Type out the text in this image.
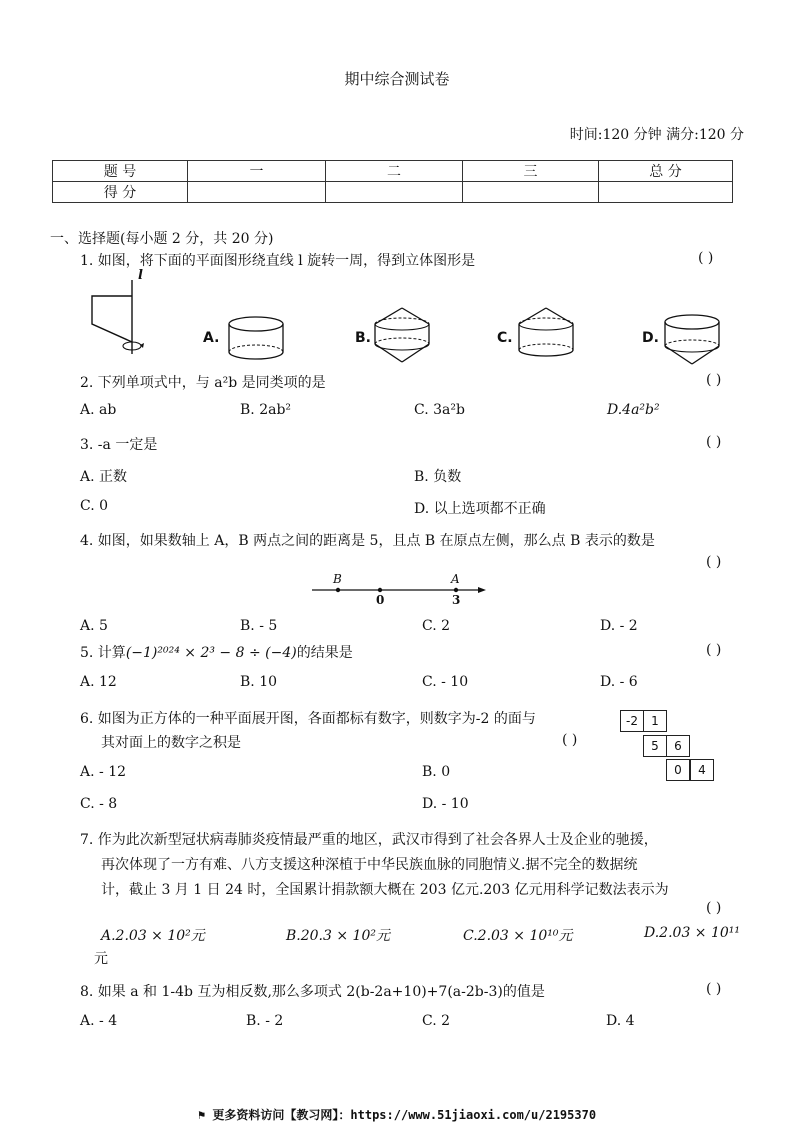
期中综合测试卷
时间:120 分钟 满分:120 分
题 号	一	二	三	总 分
得 分				
一、选择题(每小题 2 分，共 20 分)
1. 如图，将下面的平面图形绕直线 l 旋转一周，得到立体图形是	( )
l
A.	B.	C.	D.
2. 下列单项式中，与 a²b 是同类项的是	( )
A. ab	B. 2ab²	C. 3a²b	D.4a²b²
3. -a 一定是	( )
A. 正数	B. 负数
C. 0	D. 以上选项都不正确
4. 如图，如果数轴上 A，B 两点之间的距离是 5，且点 B 在原点左侧，那么点 B 表示的数是
( )
B	A
0	3
A. 5	B. - 5	C. 2	D. - 2
5. 计算(−1)²⁰²⁴ × 2³ − 8 ÷ (−4)的结果是	( )
A. 12	B. 10	C. - 10	D. - 6
6. 如图为正方体的一种平面展开图，各面都标有数字，则数字为-2 的面与
其对面上的数字之积是	( )
-2	1
5	6
0	4
A. - 12	B. 0
C. - 8	D. - 10
7. 作为此次新型冠状病毒肺炎疫情最严重的地区，武汉市得到了社会各界人士及企业的驰援，
再次体现了一方有难、八方支援这种深植于中华民族血脉的同胞情义.据不完全的数据统
计，截止 3 月 1 日 24 时，全国累计捐款额大概在 203 亿元.203 亿元用科学记数法表示为
( )
A.2.03 × 10²元	B.20.3 × 10²元	C.2.03 × 10¹⁰元	D.2.03 × 10¹¹
元
8. 如果 a 和 1-4b 互为相反数,那么多项式 2(b-2a+10)+7(a-2b-3)的值是	( )
A. - 4	B. - 2	C. 2	D. 4
⚑ 更多资料访问【教习网】：https://www.51jiaoxi.com/u/2195370
